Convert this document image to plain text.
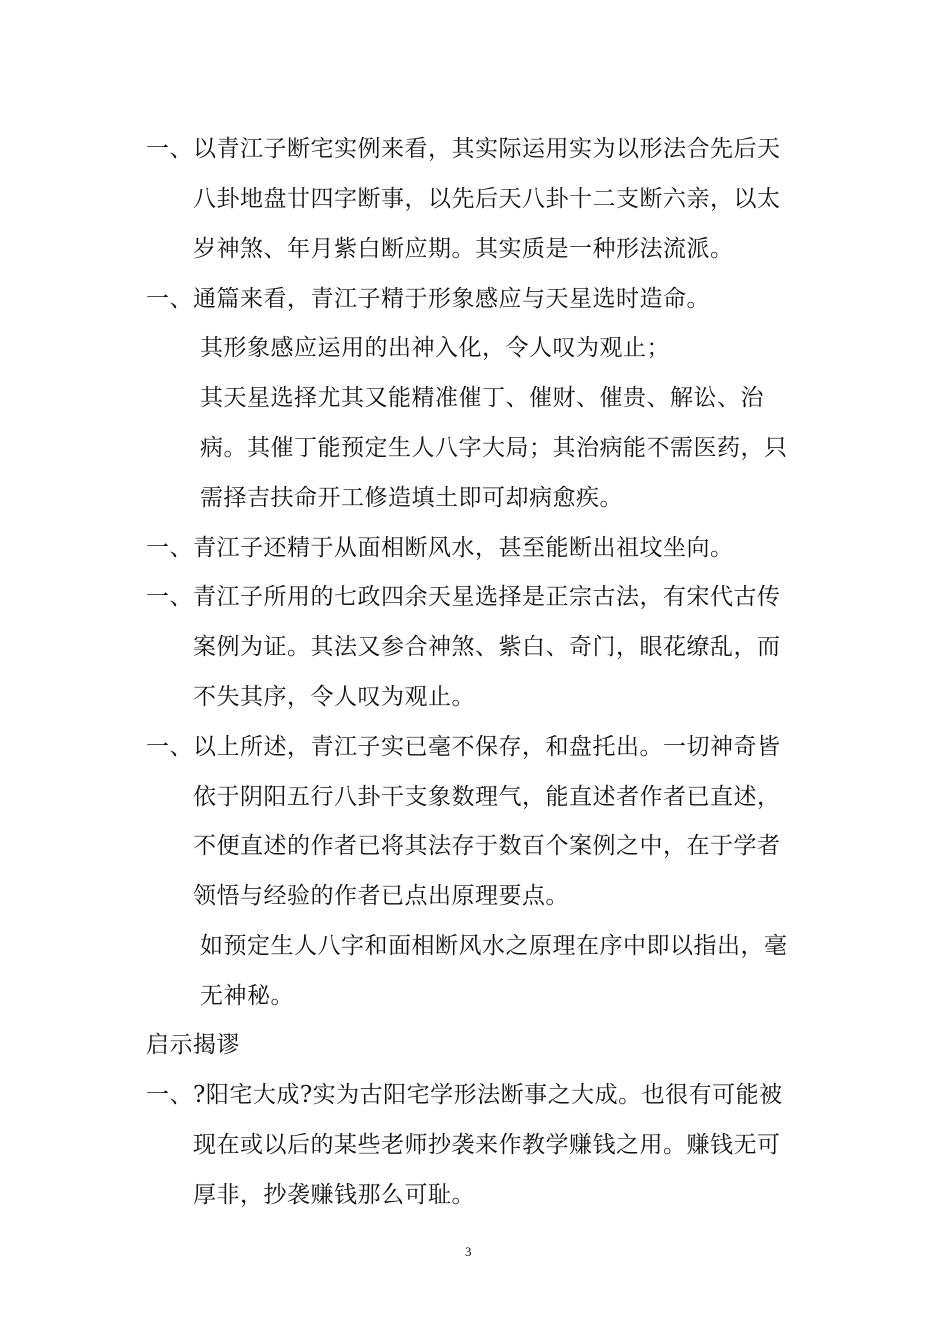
一、以青江子断宅实例来看，其实际运用实为以形法合先后天
八卦地盘廿四字断事，以先后天八卦十二支断六亲，以太
岁神煞、年月紫白断应期。其实质是一种形法流派。
一、通篇来看，青江子精于形象感应与天星选时造命。
其形象感应运用的出神入化，令人叹为观止；
其天星选择尤其又能精准催丁、催财、催贵、解讼、治
病。其催丁能预定生人八字大局；其治病能不需医药，只
需择吉扶命开工修造填土即可却病愈疾。
一、青江子还精于从面相断风水，甚至能断出祖坟坐向。
一、青江子所用的七政四余天星选择是正宗古法，有宋代古传
案例为证。其法又参合神煞、紫白、奇门，眼花缭乱，而
不失其序，令人叹为观止。
一、以上所述，青江子实已毫不保存，和盘托出。一切神奇皆
依于阴阳五行八卦干支象数理气，能直述者作者已直述，
不便直述的作者已将其法存于数百个案例之中，在于学者
领悟与经验的作者已点出原理要点。
如预定生人八字和面相断风水之原理在序中即以指出，毫
无神秘。
启示揭谬
一、?阳宅大成?实为古阳宅学形法断事之大成。也很有可能被
现在或以后的某些老师抄袭来作教学赚钱之用。赚钱无可
厚非，抄袭赚钱那么可耻。
3
